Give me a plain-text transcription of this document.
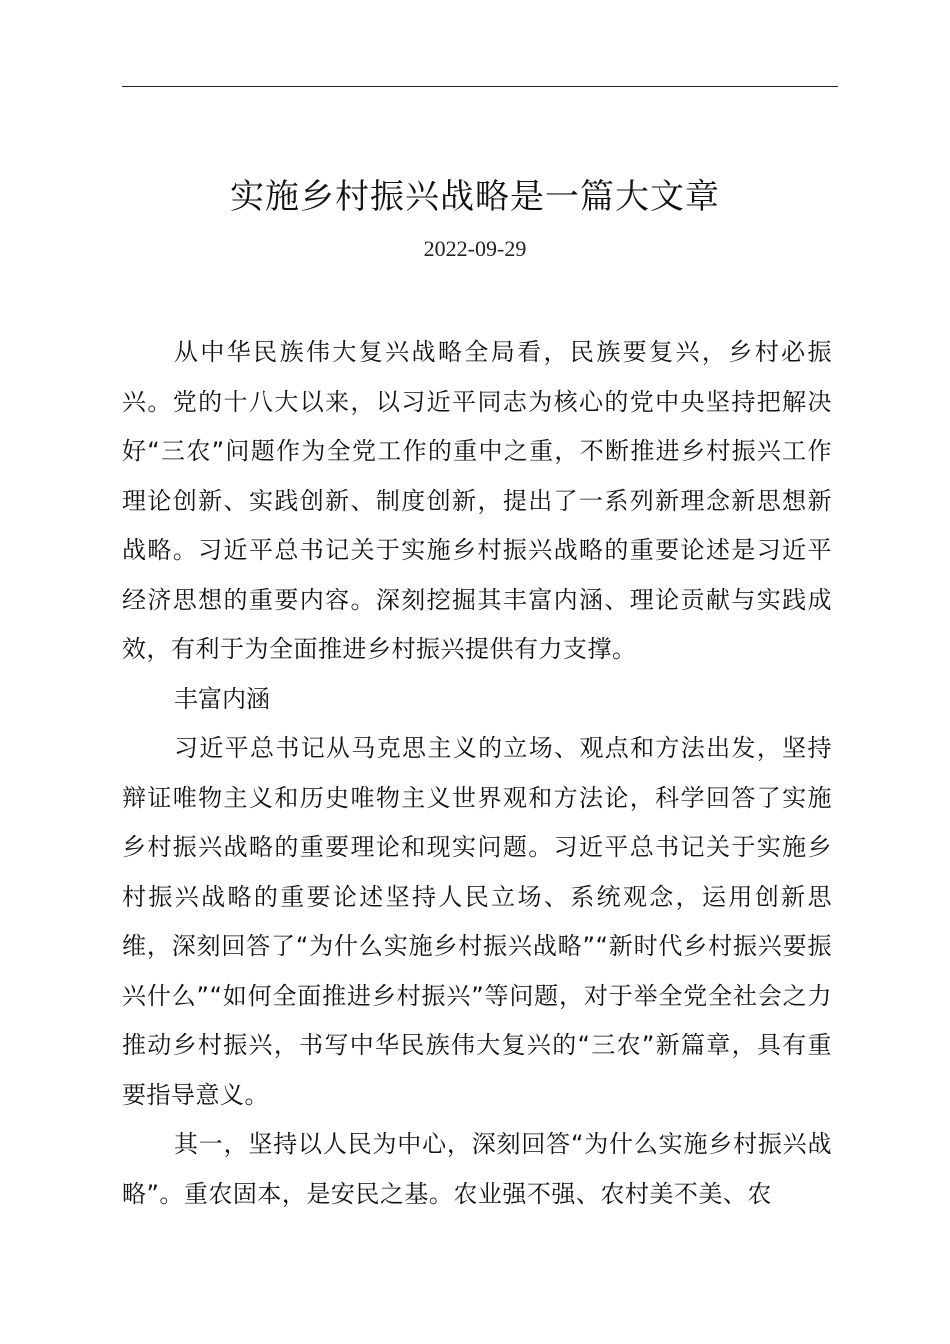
实施乡村振兴战略是一篇大文章
2022-09-29

从中华民族伟大复兴战略全局看，民族要复兴，乡村必振兴。党的十八大以来，以习近平同志为核心的党中央坚持把解决好“三农”问题作为全党工作的重中之重，不断推进乡村振兴工作理论创新、实践创新、制度创新，提出了一系列新理念新思想新战略。习近平总书记关于实施乡村振兴战略的重要论述是习近平经济思想的重要内容。深刻挖掘其丰富内涵、理论贡献与实践成效，有利于为全面推进乡村振兴提供有力支撑。

丰富内涵

习近平总书记从马克思主义的立场、观点和方法出发，坚持辩证唯物主义和历史唯物主义世界观和方法论，科学回答了实施乡村振兴战略的重要理论和现实问题。习近平总书记关于实施乡村振兴战略的重要论述坚持人民立场、系统观念，运用创新思维，深刻回答了“为什么实施乡村振兴战略”“新时代乡村振兴要振兴什么”“如何全面推进乡村振兴”等问题，对于举全党全社会之力推动乡村振兴，书写中华民族伟大复兴的“三农”新篇章，具有重要指导意义。

其一，坚持以人民为中心，深刻回答“为什么实施乡村振兴战略”。重农固本，是安民之基。农业强不强、农村美不美、农
